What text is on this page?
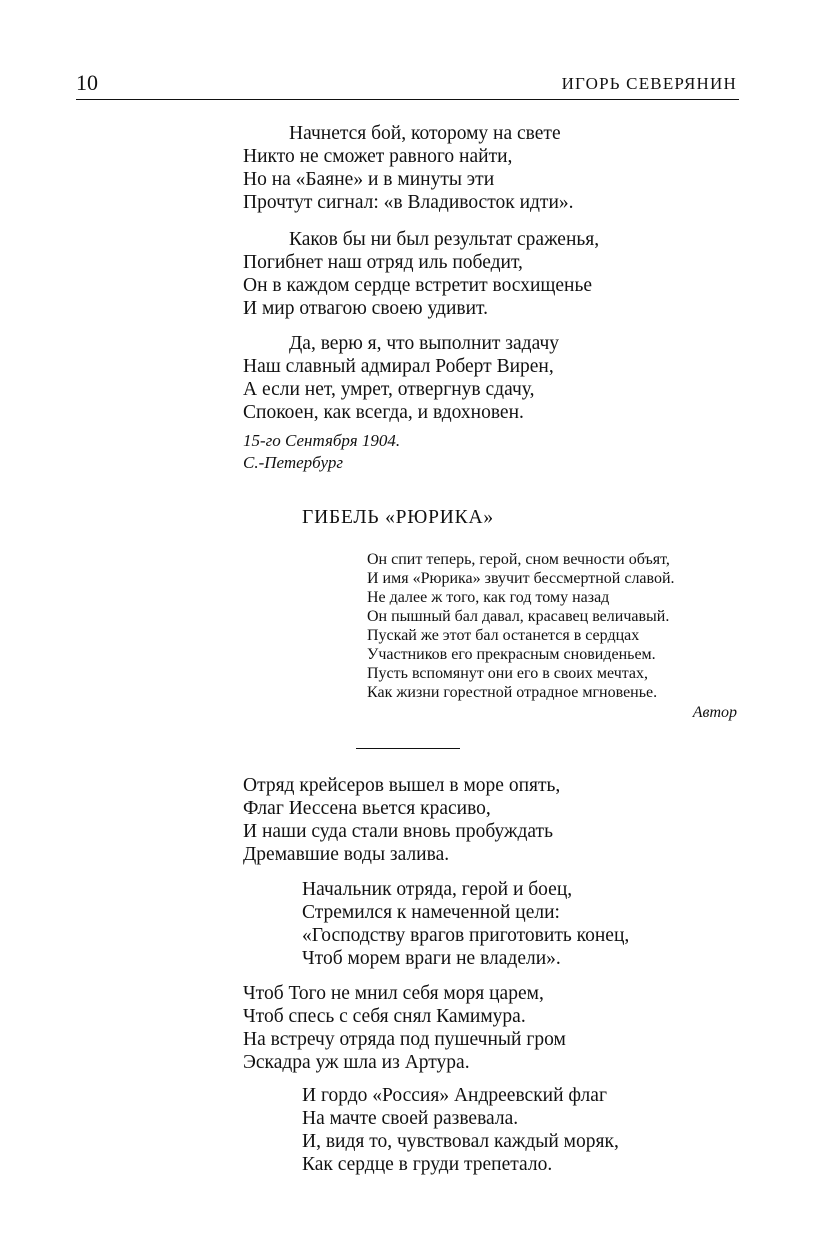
10	ИГОРЬ СЕВЕРЯНИН
Начнется бой, которому на свете
Никто не сможет равного найти,
Но на «Баяне» и в минуты эти
Прочтут сигнал: «в Владивосток идти».
Каков бы ни был результат сраженья,
Погибнет наш отряд иль победит,
Он в каждом сердце встретит восхищенье
И мир отвагою своею удивит.
Да, верю я, что выполнит задачу
Наш славный адмирал Роберт Вирен,
А если нет, умрет, отвергнув сдачу,
Спокоен, как всегда, и вдохновен.
15-го Сентября 1904.
С.-Петербург
ГИБЕЛЬ «РЮРИКА»
Он спит теперь, герой, сном вечности объят,
И имя «Рюрика» звучит бессмертной славой.
Не далее ж того, как год тому назад
Он пышный бал давал, красавец величавый.
Пускай же этот бал останется в сердцах
Участников его прекрасным сновиденьем.
Пусть вспомянут они его в своих мечтах,
Как жизни горестной отрадное мгновенье.
Автор
Отряд крейсеров вышел в море опять,
Флаг Иессена вьется красиво,
И наши суда стали вновь пробуждать
Дремавшие воды залива.
Начальник отряда, герой и боец,
Стремился к намеченной цели:
«Господству врагов приготовить конец,
Чтоб морем враги не владели».
Чтоб Того не мнил себя моря царем,
Чтоб спесь с себя снял Камимура.
На встречу отряда под пушечный гром
Эскадра уж шла из Артура.
И гордо «Россия» Андреевский флаг
На мачте своей развевала.
И, видя то, чувствовал каждый моряк,
Как сердце в груди трепетало.
